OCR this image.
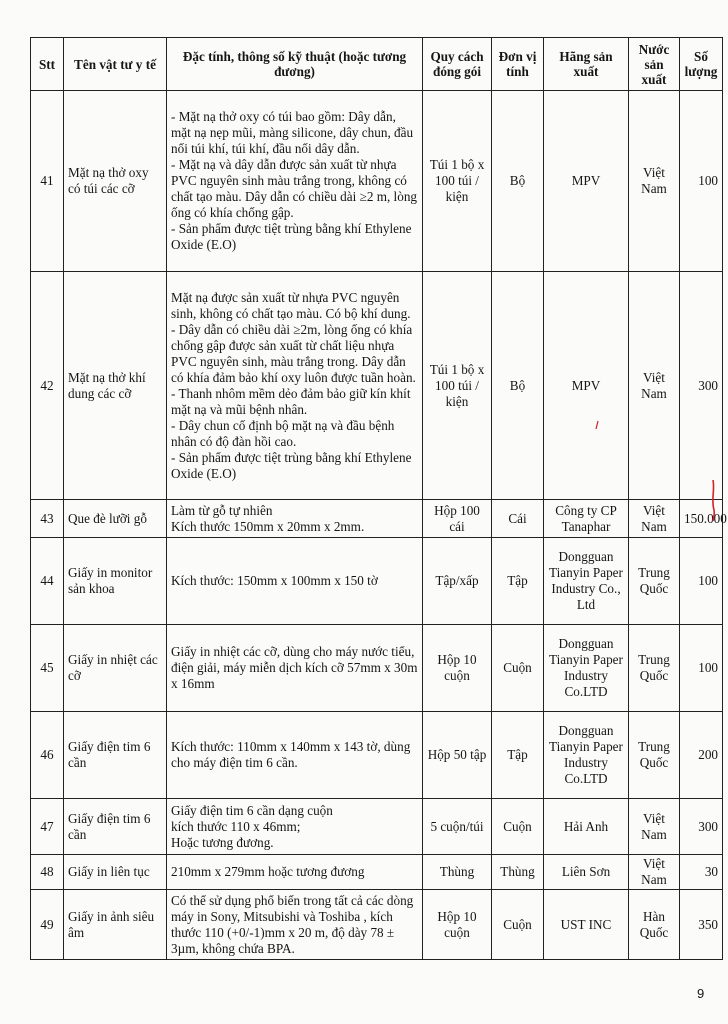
Stt	Tên vật tư y tế	Đặc tính, thông số kỹ thuật (hoặc tương đương)	Quy cách đóng gói	Đơn vị tính	Hãng sản xuất	Nước sản xuất	Số lượng
41	Mặt nạ thở oxy có túi các cỡ	- Mặt nạ thở oxy có túi bao gồm: Dây dẫn, mặt nạ nẹp mũi, màng silicone, dây chun, đầu nối túi khí, túi khí, đầu nối dây dẫn.
- Mặt nạ và dây dẫn được sản xuất từ nhựa PVC nguyên sinh màu trắng trong, không có chất tạo màu. Dây dẫn có chiều dài ≥2 m, lòng ống có khía chống gập.
- Sản phẩm được tiệt trùng bằng khí Ethylene Oxide (E.O)	Túi 1 bộ x 100 túi / kiện	Bộ	MPV	Việt Nam	100
42	Mặt nạ thở khí dung các cỡ	Mặt nạ được sản xuất từ nhựa PVC nguyên sinh, không có chất tạo màu. Có bộ khí dung.
- Dây dẫn có chiều dài ≥2m, lòng ống có khía chống gập được sản xuất từ chất liệu nhựa PVC nguyên sinh, màu trắng trong. Dây dẫn có khía đảm bảo khí oxy luôn được tuần hoàn.
- Thanh nhôm mềm dẻo đảm bảo giữ kín khít mặt nạ và mũi bệnh nhân.
- Dây chun cố định bộ mặt nạ và đầu bệnh nhân có độ đàn hồi cao.
- Sản phẩm được tiệt trùng bằng khí Ethylene Oxide (E.O)	Túi 1 bộ x 100 túi / kiện	Bộ	MPV	Việt Nam	300
43	Que đè lưỡi gỗ	Làm từ gỗ tự nhiên
Kích thước 150mm x 20mm x 2mm.	Hộp 100 cái	Cái	Công ty CP Tanaphar	Việt Nam	150.000
44	Giấy in monitor sản khoa	Kích thước: 150mm x 100mm x 150 tờ	Tập/xấp	Tập	Dongguan Tianyin Paper Industry Co., Ltd	Trung Quốc	100
45	Giấy in nhiệt các cỡ	Giấy in nhiệt các cỡ, dùng cho máy nước tiểu, điện giải, máy miễn dịch kích cỡ 57mm x 30m x 16mm	Hộp 10 cuộn	Cuộn	Dongguan Tianyin Paper Industry Co.LTD	Trung Quốc	100
46	Giấy điện tim 6 cần	Kích thước: 110mm x 140mm x 143 tờ, dùng cho máy điện tim 6 cần.	Hộp 50 tập	Tập	Dongguan Tianyin Paper Industry Co.LTD	Trung Quốc	200
47	Giấy điện tim 6 cần	Giấy điện tim 6 cần dạng cuộn
kích thước 110 x 46mm;
Hoặc tương đương.	5 cuộn/túi	Cuộn	Hải Anh	Việt Nam	300
48	Giấy in liên tục	210mm x 279mm hoặc tương đương	Thùng	Thùng	Liên Sơn	Việt Nam	30
49	Giấy in ảnh siêu âm	Có thể sử dụng phổ biến trong tất cả các dòng máy in Sony, Mitsubishi và Toshiba , kích thước 110 (+0/-1)mm x 20 m, độ dày 78 ± 3µm, không chứa BPA.	Hộp 10 cuộn	Cuộn	UST INC	Hàn Quốc	350
9
